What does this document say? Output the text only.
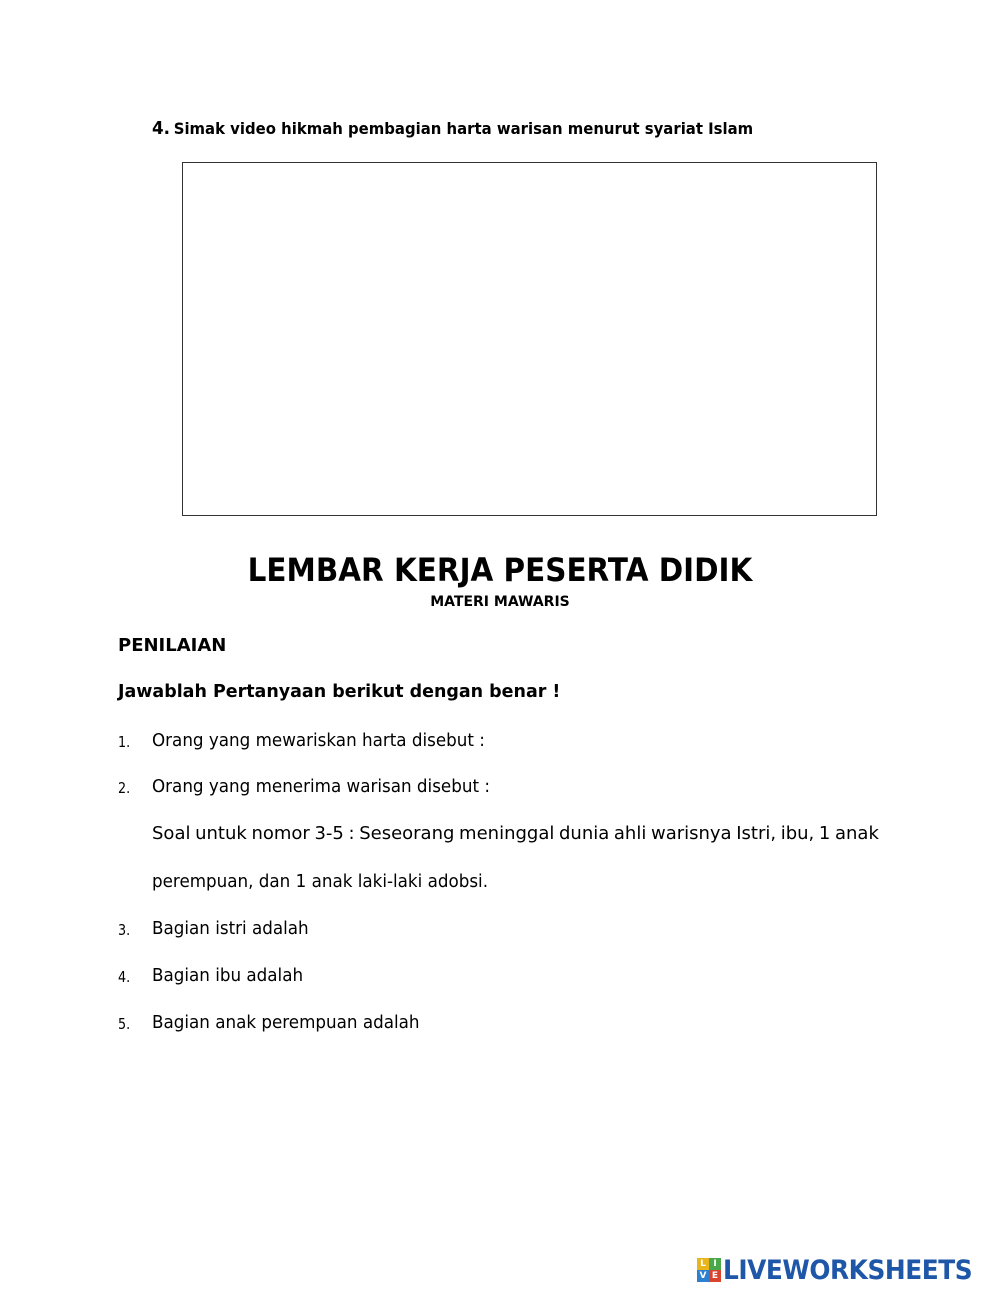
4. Simak video hikmah pembagian harta warisan menurut syariat Islam
LEMBAR KERJA PESERTA DIDIK
MATERI MAWARIS
PENILAIAN
Jawablah Pertanyaan berikut dengan benar !
1. Orang yang mewariskan harta disebut :
2. Orang yang menerima warisan disebut :
Soal untuk nomor 3-5 : Seseorang meninggal dunia ahli warisnya Istri, ibu, 1 anak
perempuan, dan 1 anak laki-laki adobsi.
3. Bagian istri adalah
4. Bagian ibu adalah
5. Bagian anak perempuan adalah
L I
V E LIVEWORKSHEETS
